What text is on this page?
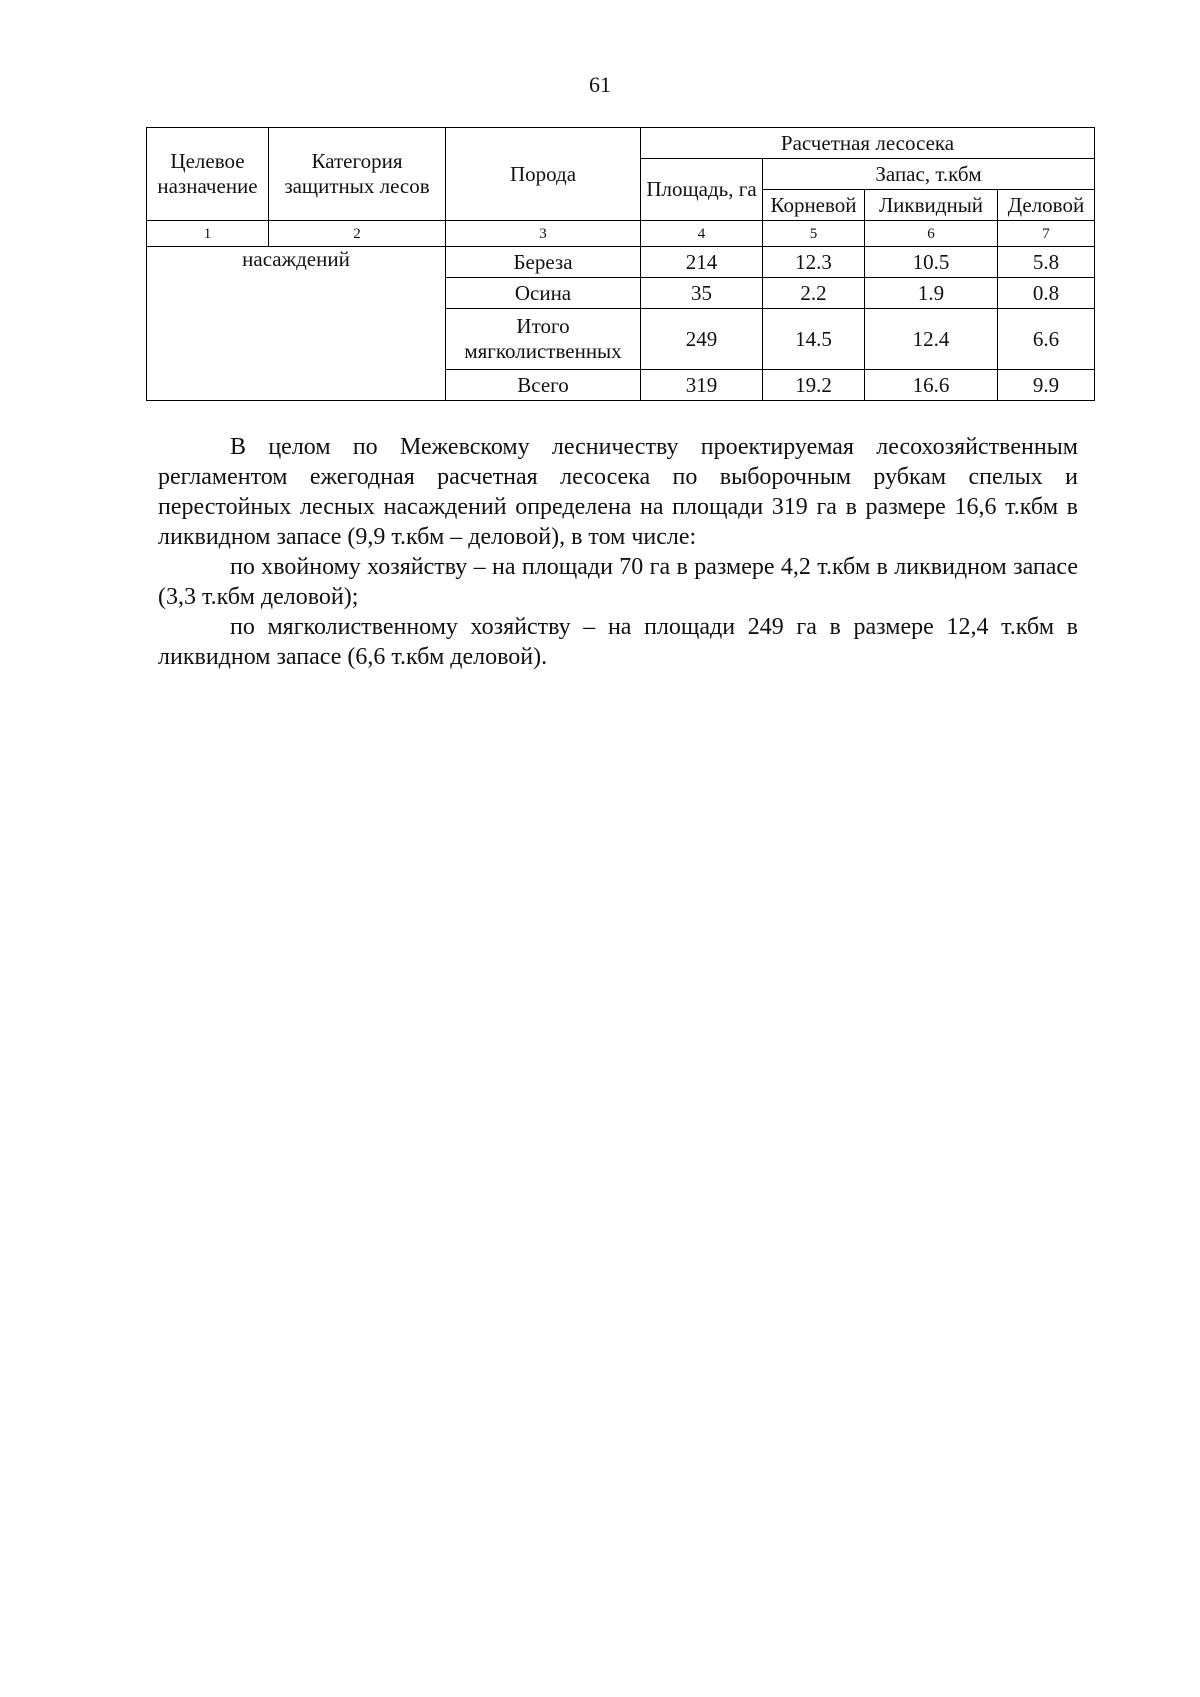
61
Целевое назначение	Категория защитных лесов	Порода	Расчетная лесосека			
			Площадь, га	Запас, т.кбм		
				Корневой	Ликвидный	Деловой
1	2	3	4	5	6	7
насаждений		Береза	214	12.3	10.5	5.8
		Осина	35	2.2	1.9	0.8
		Итого мягколиственных	249	14.5	12.4	6.6
		Всего	319	19.2	16.6	9.9

В целом по Межевскому лесничеству проектируемая лесохозяйственным регламентом ежегодная расчетная лесосека по выборочным рубкам спелых и перестойных лесных насаждений определена на площади 319 га в размере 16,6 т.кбм в ликвидном запасе (9,9 т.кбм – деловой), в том числе:

по хвойному хозяйству – на площади 70 га в размере 4,2 т.кбм в ликвидном запасе (3,3 т.кбм деловой);

по мягколиственному хозяйству – на площади 249 га в размере 12,4 т.кбм в ликвидном запасе (6,6 т.кбм деловой).
